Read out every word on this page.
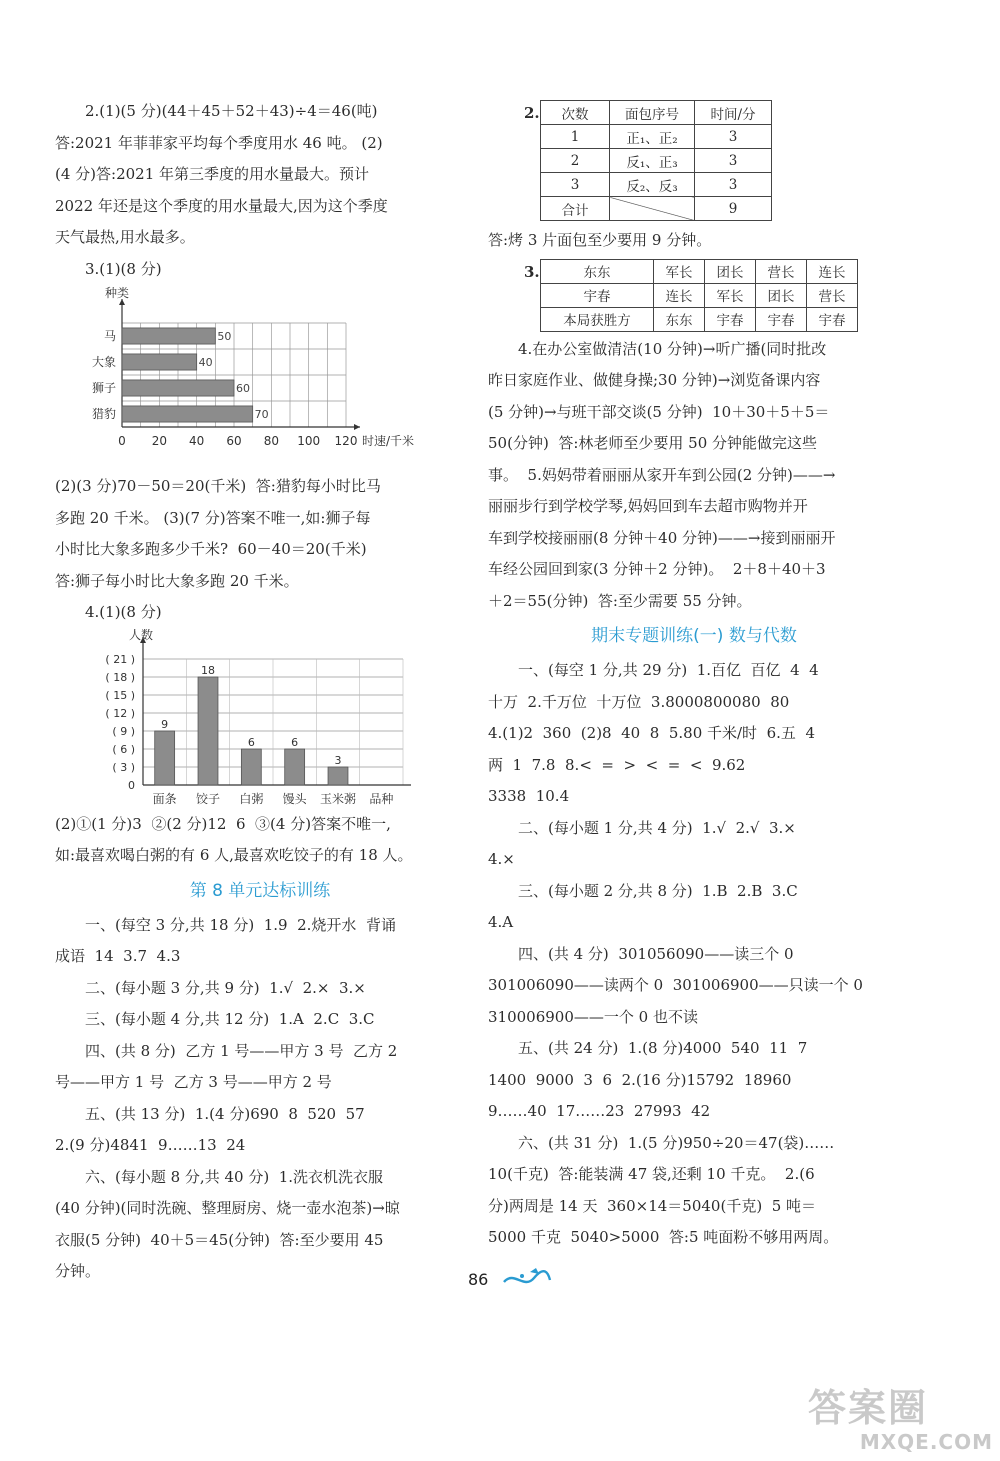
2.(1)(5 分)(44＋45＋52＋43)÷4＝46(吨)

答:2021 年菲菲家平均每个季度用水 46 吨。 (2)

(4 分)答:2021 年第三季度的用水量最大。预计

2022 年还是这个季度的用水量最大,因为这个季度

天气最热,用水最多。

3.(1)(8 分)

种类
时速/千米
50
马
40
大象
60
狮子
70
猎豹
0 20 40 60 80 100 120

(2)(3 分)70－50＝20(千米)  答:猎豹每小时比马

多跑 20 千米。 (3)(7 分)答案不唯一,如:狮子每

小时比大象多跑多少千米?  60－40＝20(千米)

答:狮子每小时比大象多跑 20 千米。

4.(1)(8 分)

人数
( 21 )
( 18 )
( 15 )
( 12 )
( 9 )
( 6 )
( 3 )
0
9
面条
18
饺子
6
白粥
6
馒头
3
玉米粥 品种

(2)①(1 分)3  ②(2 分)12  6  ③(4 分)答案不唯一,

如:最喜欢喝白粥的有 6 人,最喜欢吃饺子的有 18 人。

第 8 单元达标训练

一、(每空 3 分,共 18 分)  1.9  2.烧开水  背诵

成语  14  3.7  4.3

二、(每小题 3 分,共 9 分)  1.√  2.×  3.×

三、(每小题 4 分,共 12 分)  1.A  2.C  3.C

四、(共 8 分)  乙方 1 号——甲方 3 号  乙方 2

号——甲方 1 号  乙方 3 号——甲方 2 号

五、(共 13 分)  1.(4 分)690  8  520  57

2.(9 分)4841  9……13  24

六、(每小题 8 分,共 40 分)  1.洗衣机洗衣服

(40 分钟)(同时洗碗、整理厨房、烧一壶水泡茶)→晾

衣服(5 分钟)  40＋5＝45(分钟)  答:至少要用 45

分钟。

2. 次数	面包序号	时间/分
1	正₁、正₂	3
2	反₁、正₃	3
3	反₂、反₃	3
合计		9

答:烤 3 片面包至少要用 9 分钟。

3.	东东	军长	团长	营长	连长
宇春	连长	军长	团长	营长
本局获胜方	东东	宇春	宇春	宇春

4.在办公室做清洁(10 分钟)→听广播(同时批改

昨日家庭作业、做健身操;30 分钟)→浏览备课内容

(5 分钟)→与班干部交谈(5 分钟)  10＋30＋5＋5＝

50(分钟)  答:林老师至少要用 50 分钟能做完这些

事。  5.妈妈带着丽丽从家开车到公园(2 分钟)——→

丽丽步行到学校学琴,妈妈回到车去超市购物并开

车到学校接丽丽(8 分钟＋40 分钟)——→接到丽丽开

车经公园回到家(3 分钟＋2 分钟)。  2＋8＋40＋3

＋2＝55(分钟)  答:至少需要 55 分钟。

期末专题训练(一) 数与代数

一、(每空 1 分,共 29 分)  1.百亿  百亿  4  4

十万  2.千万位  十万位  3.8000800080  80

4.(1)2  360  (2)8  40  8  5.80 千米/时  6.五  4

两  1  7.8  8.<  =  >  <  =  <  9.62

3338  10.4

二、(每小题 1 分,共 4 分)  1.√  2.√  3.×

4.×

三、(每小题 2 分,共 8 分)  1.B  2.B  3.C

4.A

四、(共 4 分)  301056090——读三个 0

301006090——读两个 0  301006900——只读一个 0

310006900——一个 0 也不读

五、(共 24 分)  1.(8 分)4000  540  11  7

1400  9000  3  6  2.(16 分)15792  18960

9……40  17……23  27993  42

六、(共 31 分)  1.(5 分)950÷20＝47(袋)……

10(千克)  答:能装满 47 袋,还剩 10 千克。  2.(6

分)两周是 14 天  360×14＝5040(千克)  5 吨＝

5000 千克  5040>5000  答:5 吨面粉不够用两周。

86
答案圈
MXQE.COM
